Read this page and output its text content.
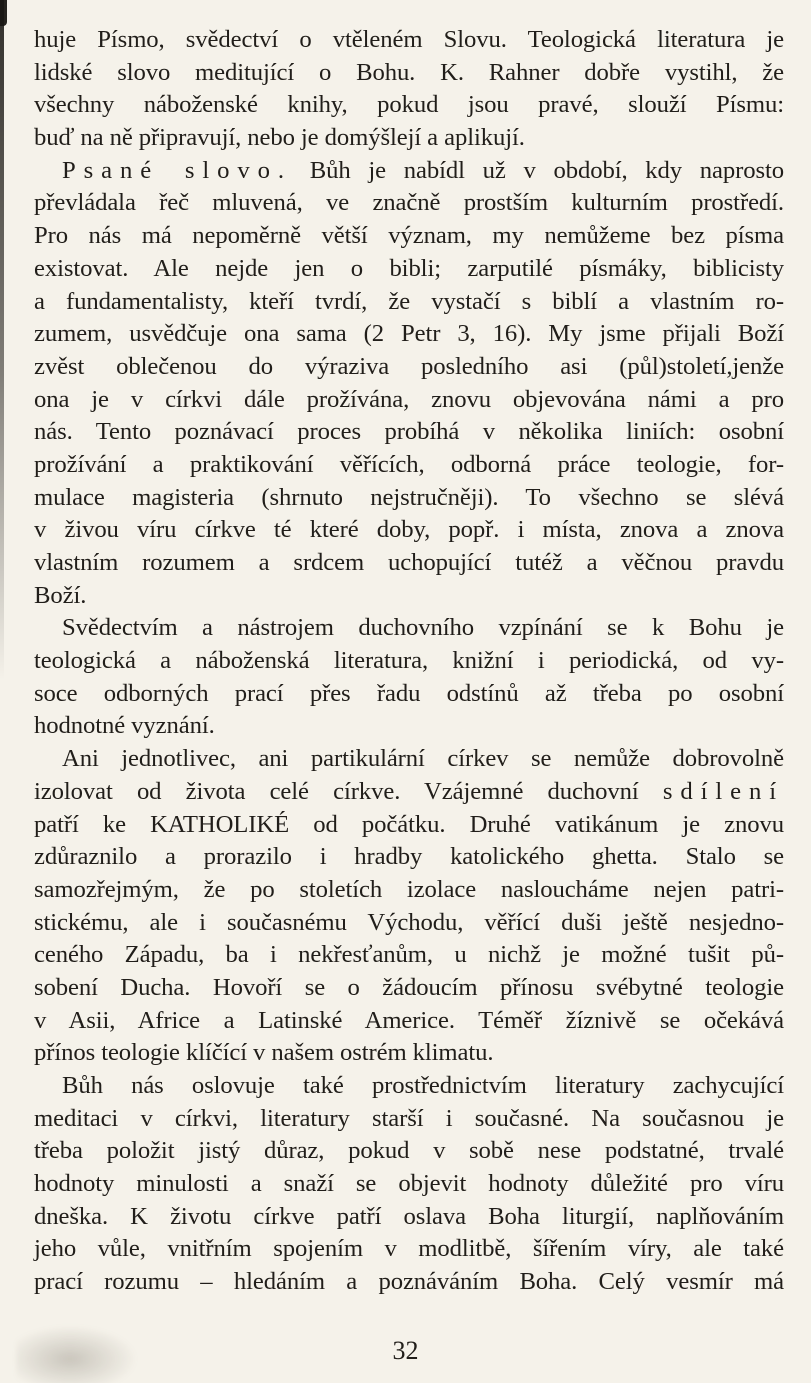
huje Písmo, svědectví o vtěleném Slovu. Teologická literatura je
lidské slovo meditující o Bohu. K. Rahner dobře vystihl, že
všechny náboženské knihy, pokud jsou pravé, slouží Písmu:
buď na ně připravují, nebo je domýšlejí a aplikují.
Psané slovo. Bůh je nabídl už v období, kdy naprosto
převládala řeč mluvená, ve značně prostším kulturním prostředí.
Pro nás má nepoměrně větší význam, my nemůžeme bez písma
existovat. Ale nejde jen o bibli; zarputilé písmáky, biblicisty
a fundamentalisty, kteří tvrdí, že vystačí s biblí a vlastním ro-
zumem, usvědčuje ona sama (2 Petr 3, 16). My jsme přijali Boží
zvěst oblečenou do výraziva posledního asi (půl)století,jenže
ona je v církvi dále prožívána, znovu objevována námi a pro
nás. Tento poznávací proces probíhá v několika liniích: osobní
prožívání a praktikování věřících, odborná práce teologie, for-
mulace magisteria (shrnuto nejstručněji). To všechno se slévá
v živou víru církve té které doby, popř. i místa, znova a znova
vlastním rozumem a srdcem uchopující tutéž a věčnou pravdu
Boží.
Svědectvím a nástrojem duchovního vzpínání se k Bohu je
teologická a náboženská literatura, knižní i periodická, od vy-
soce odborných prací přes řadu odstínů až třeba po osobní
hodnotné vyznání.
Ani jednotlivec, ani partikulární církev se nemůže dobrovolně
izolovat od života celé církve. Vzájemné duchovní sdílení
patří ke KATHOLIKÉ od počátku. Druhé vatikánum je znovu
zdůraznilo a prorazilo i hradby katolického ghetta. Stalo se
samozřejmým, že po stoletích izolace nasloucháme nejen patri-
stickému, ale i současnému Východu, věřící duši ještě nesjedno-
ceného Západu, ba i nekřesťanům, u nichž je možné tušit pů-
sobení Ducha. Hovoří se o žádoucím přínosu svébytné teologie
v Asii, Africe a Latinské Americe. Téměř žíznivě se očekává
přínos teologie klíčící v našem ostrém klimatu.
Bůh nás oslovuje také prostřednictvím literatury zachycující
meditaci v církvi, literatury starší i současné. Na současnou je
třeba položit jistý důraz, pokud v sobě nese podstatné, trvalé
hodnoty minulosti a snaží se objevit hodnoty důležité pro víru
dneška. K životu církve patří oslava Boha liturgií, naplňováním
jeho vůle, vnitřním spojením v modlitbě, šířením víry, ale také
prací rozumu – hledáním a poznáváním Boha. Celý vesmír má
32
